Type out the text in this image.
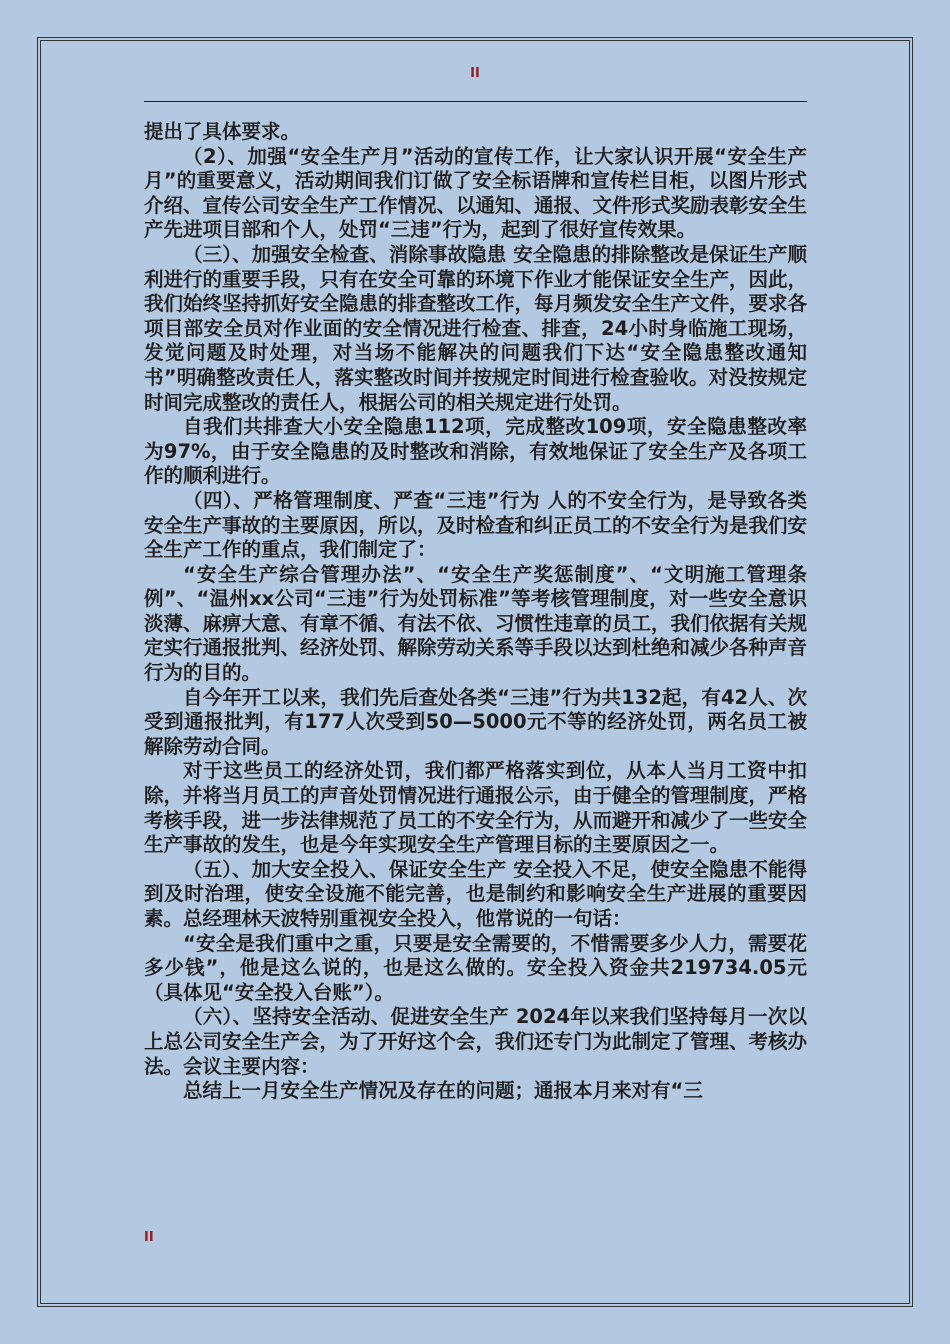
II

提出了具体要求。

（2）、加强“安全生产月”活动的宣传工作，让大家认识开展“安全生产月”的重要意义，活动期间我们订做了安全标语牌和宣传栏目柜，以图片形式介绍、宣传公司安全生产工作情况、以通知、通报、文件形式奖励表彰安全生产先进项目部和个人，处罚“三违”行为，起到了很好宣传效果。

（三）、加强安全检查、消除事故隐患 安全隐患的排除整改是保证生产顺利进行的重要手段，只有在安全可靠的环境下作业才能保证安全生产，因此，我们始终坚持抓好安全隐患的排查整改工作，每月频发安全生产文件，要求各项目部安全员对作业面的安全情况进行检查、排查，24小时身临施工现场，发觉问题及时处理，对当场不能解决的问题我们下达“安全隐患整改通知书”明确整改责任人，落实整改时间并按规定时间进行检查验收。对没按规定时间完成整改的责任人，根据公司的相关规定进行处罚。

自我们共排查大小安全隐患112项，完成整改109项，安全隐患整改率为97%，由于安全隐患的及时整改和消除，有效地保证了安全生产及各项工作的顺利进行。

（四）、严格管理制度、严查“三违”行为 人的不安全行为，是导致各类安全生产事故的主要原因，所以，及时检查和纠正员工的不安全行为是我们安全生产工作的重点，我们制定了：

“安全生产综合管理办法”、“安全生产奖惩制度”、“文明施工管理条例”、“温州xx公司“三违”行为处罚标准”等考核管理制度，对一些安全意识淡薄、麻痹大意、有章不循、有法不依、习惯性违章的员工，我们依据有关规定实行通报批判、经济处罚、解除劳动关系等手段以达到杜绝和减少各种声音行为的目的。

自今年开工以来，我们先后查处各类“三违”行为共132起，有42人、次受到通报批判，有177人次受到50—5000元不等的经济处罚，两名员工被解除劳动合同。

对于这些员工的经济处罚，我们都严格落实到位，从本人当月工资中扣除，并将当月员工的声音处罚情况进行通报公示，由于健全的管理制度，严格考核手段，进一步法律规范了员工的不安全行为，从而避开和减少了一些安全生产事故的发生，也是今年实现安全生产管理目标的主要原因之一。

（五）、加大安全投入、保证安全生产 安全投入不足，使安全隐患不能得到及时治理，使安全设施不能完善，也是制约和影响安全生产进展的重要因素。总经理林天波特别重视安全投入，他常说的一句话：

“安全是我们重中之重，只要是安全需要的，不惜需要多少人力，需要花多少钱”，他是这么说的，也是这么做的。安全投入资金共219734.05元（具体见“安全投入台账”）。

（六）、坚持安全活动、促进安全生产 2024年以来我们坚持每月一次以上总公司安全生产会，为了开好这个会，我们还专门为此制定了管理、考核办法。会议主要内容：

总结上一月安全生产情况及存在的问题；通报本月来对有“三

II
